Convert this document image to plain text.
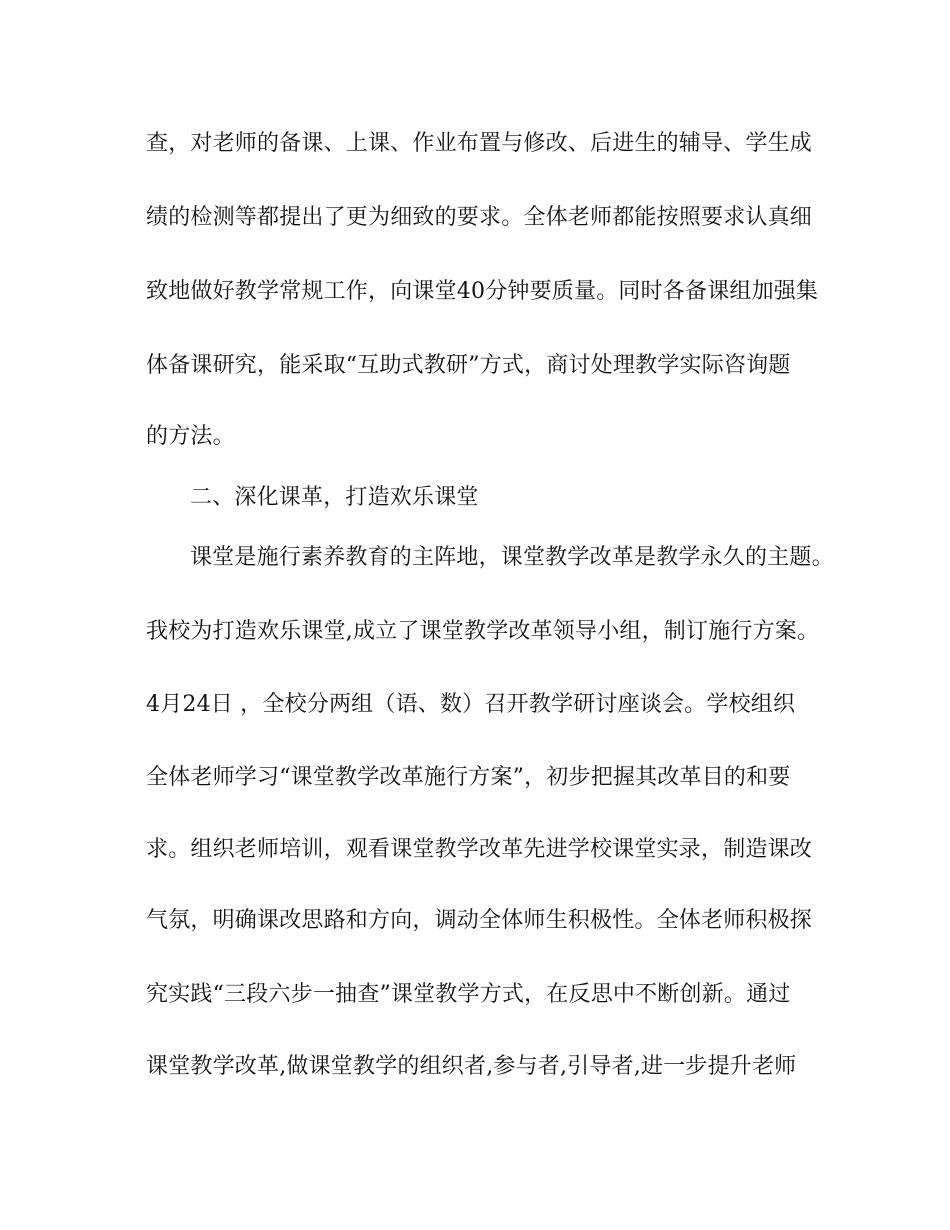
查，对老师的备课、上课、作业布置与修改、后进生的辅导、学生成
绩的检测等都提出了更为细致的要求。全体老师都能按照要求认真细
致地做好教学常规工作，向课堂40分钟要质量。同时各备课组加强集
体备课研究，能采取“互助式教研”方式，商讨处理教学实际咨询题
的方法。
二、深化课革，打造欢乐课堂
课堂是施行素养教育的主阵地，课堂教学改革是教学永久的主题。
我校为打造欢乐课堂,成立了课堂教学改革领导小组，制订施行方案。
4月24日 ，全校分两组（语、数）召开教学研讨座谈会。学校组织
全体老师学习“课堂教学改革施行方案”，初步把握其改革目的和要
求。组织老师培训，观看课堂教学改革先进学校课堂实录，制造课改
气氛，明确课改思路和方向，调动全体师生积极性。全体老师积极探
究实践“三段六步一抽查”课堂教学方式，在反思中不断创新。通过
课堂教学改革,做课堂教学的组织者,参与者,引导者,进一步提升老师
